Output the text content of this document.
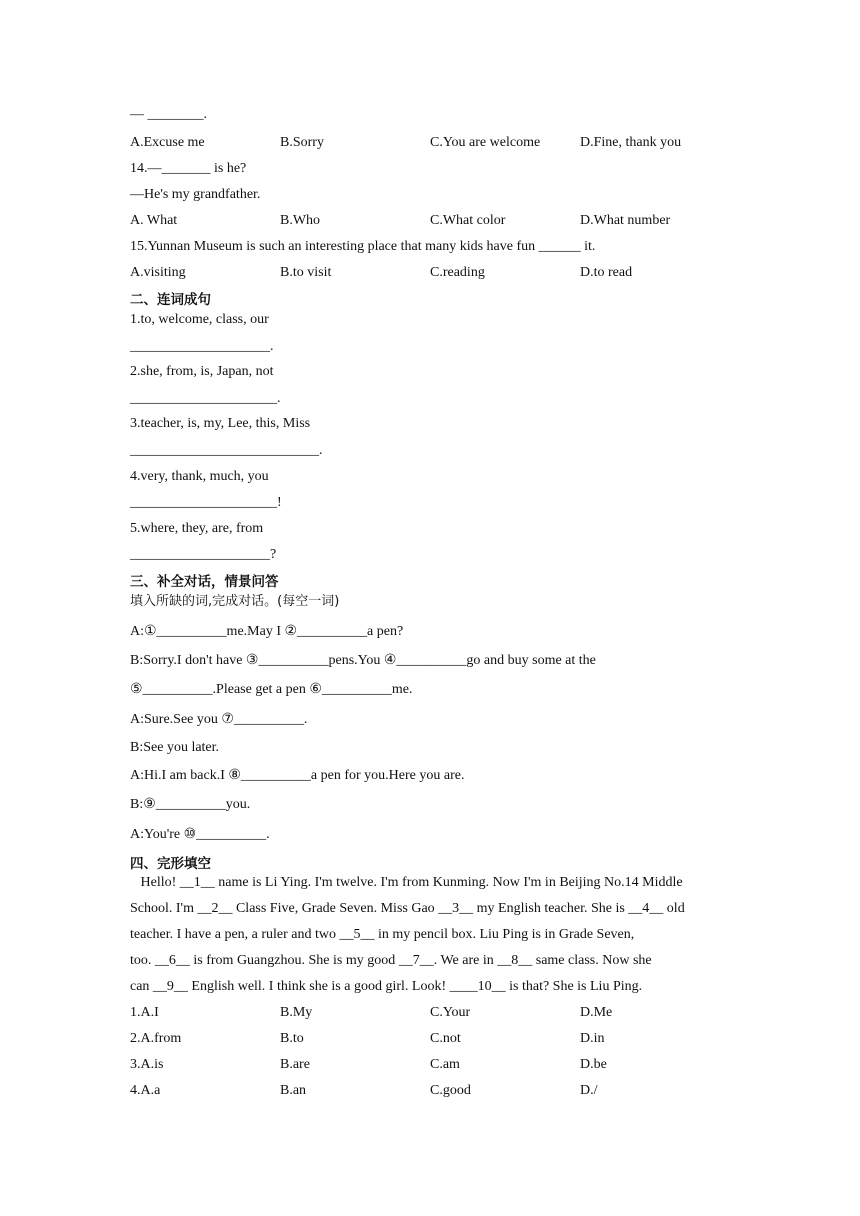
— ________.
A.Excuse me	B.Sorry	C.You are welcome	D.Fine, thank you
14.—_______ is he?
—He's my grandfather.
A. What	B.Who	C.What color	D.What number
15.Yunnan Museum is such an interesting place that many kids have fun ______ it.
A.visiting	B.to visit	C.reading	D.to read
二、连词成句
1.to, welcome, class, our
____________________.
2.she, from, is, Japan, not
_____________________.
3.teacher, is, my, Lee, this, Miss
___________________________.
4.very, thank, much, you
_____________________!
5.where, they, are, from
____________________?
三、补全对话，情景问答
填入所缺的词,完成对话。(每空一词)
A:①__________me.May I ②__________a pen?
B:Sorry.I don't have ③__________pens.You ④__________go and buy some at the
⑤__________.Please get a pen ⑥__________me.
A:Sure.See you ⑦__________.
B:See you later.
A:Hi.I am back.I ⑧__________a pen for you.Here you are.
B:⑨__________you.
A:You're ⑩__________.
四、完形填空
Hello! __1__ name is Li Ying. I'm twelve. I'm from Kunming. Now I'm in Beijing No.14 Middle
School. I'm __2__ Class Five, Grade Seven. Miss Gao __3__ my English teacher. She is __4__ old
teacher. I have a pen, a ruler and two __5__ in my pencil box. Liu Ping is in Grade Seven,
too. __6__ is from Guangzhou. She is my good __7__. We are in __8__ same class. Now she
can __9__ English well. I think she is a good girl. Look! ____10__ is that? She is Liu Ping.
1.A.I	B.My	C.Your	D.Me
2.A.from	B.to	C.not	D.in
3.A.is	B.are	C.am	D.be
4.A.a	B.an	C.good	D./
